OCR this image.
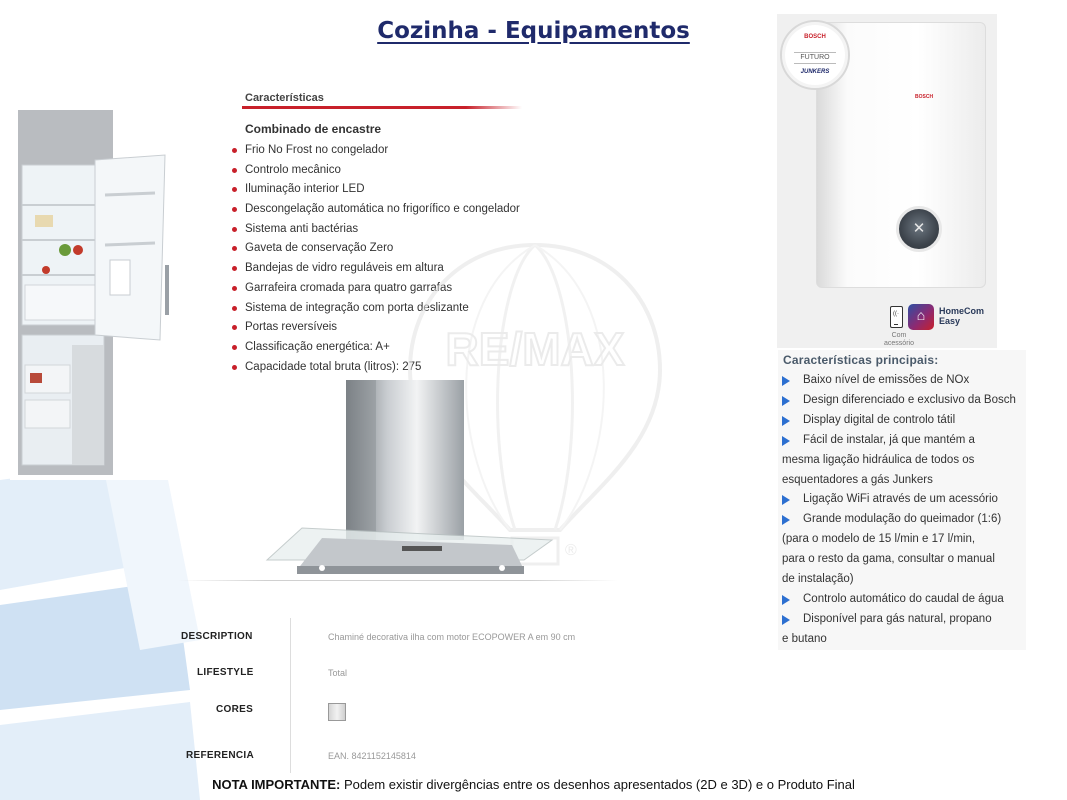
Cozinha - Equipamentos
Características
Combinado de encastre
Frio No Frost no congelador
Controlo mecânico
Iluminação interior LED
Descongelação automática no frigorífico e congelador
Sistema anti bactérias
Gaveta de conservação Zero
Bandejas de vidro reguláveis em altura
Garrafeira cromada para quatro garrafas
Sistema de integração com porta deslizante
Portas reversíveis
Classificação energética: A+
Capacidade total bruta (litros): 275 RE/MAX
®
DESCRIPTION	Chaminé decorativa ilha com motor ECOPOWER A em 90 cm
LIFESTYLE	Total
CORES
REFERENCIA	EAN. 8421152145814
BOSCH
✕
BOSCH
FUTURO
JUNKERS
((·
⌂	HomeCom
Easy
Com
acessório
Características principais:
Baixo nível de emissões de NOx
Design diferenciado e exclusivo da Bosch
Display digital de controlo tátil
Fácil de instalar, já que mantém a
mesma ligação hidráulica de todos os
esquentadores a gás Junkers
Ligação WiFi através de um acessório
Grande modulação do queimador (1:6)
(para o modelo de 15 l/min e 17 l/min,
para o resto da gama, consultar o manual
de instalação)
Controlo automático do caudal de água
Disponível para gás natural, propano
e butano
NOTA IMPORTANTE: Podem existir divergências entre os desenhos apresentados (2D e 3D) e o Produto Final
